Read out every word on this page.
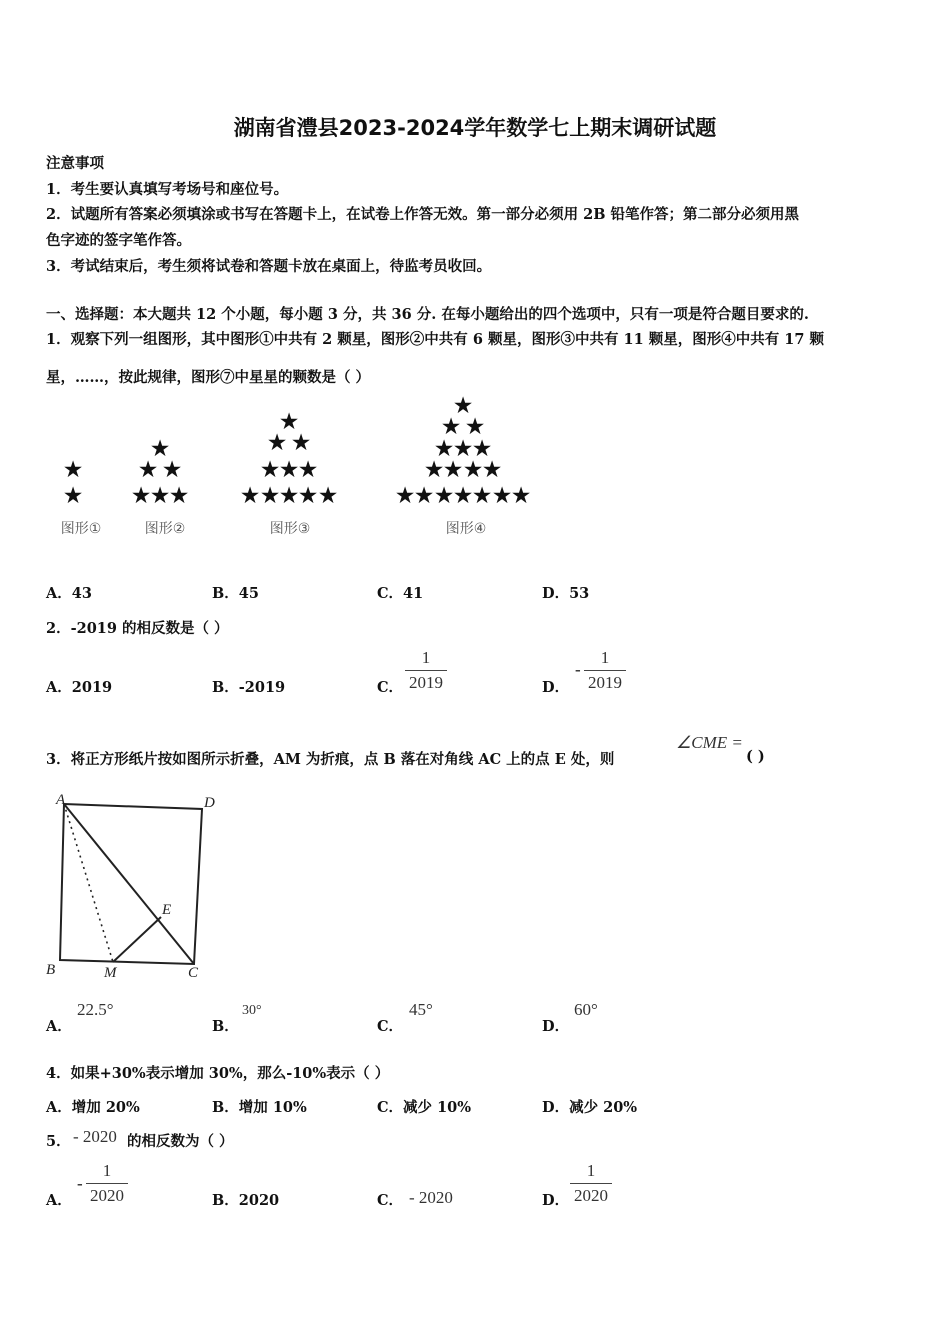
湖南省澧县2023-2024学年数学七上期末调研试题
注意事项
1．考生要认真填写考场号和座位号。
2．试题所有答案必须填涂或书写在答题卡上，在试卷上作答无效。第一部分必须用 2B 铅笔作答；第二部分必须用黑
色字迹的签字笔作答。
3．考试结束后，考生须将试卷和答题卡放在桌面上，待监考员收回。
一、选择题：本大题共 12 个小题，每小题 3 分，共 36 分. 在每小题给出的四个选项中，只有一项是符合题目要求的.
1．观察下列一组图形，其中图形①中共有 2 颗星，图形②中共有 6 颗星，图形③中共有 11 颗星，图形④中共有 17 颗
星，……，按此规律，图形⑦中星星的颗数是（ ）
★
★
★
★ ★
★
★
★
★
★ ★
★
★
★
★ ★
★
★ ★
★
★ ★
★
★
★
★
★ ★
★
★
★ ★
★
★ ★
★
图形①	图形②	图形③	图形④
A．43	B．45	C．41	D．53
2．-2019 的相反数是（ ）
A．2019	B．-2019	C． $\frac{1}{2019}$	D．
- $\frac{1}{2019}$
3．将正方形纸片按如图所示折叠，AM 为折痕，点 B 落在对角线 AC 上的点 E 处，则
∠CME =
( )
A	D
E
B	M	C
A．
22.5°
B．
30°
C．
45°
D．
60°
4．如果+30%表示增加 30%，那么-10%表示（ ）
A．增加 20%	B．增加 10%	C．减少 10%	D．减少 20%
5． - 2020 的相反数为（ ）
A．
- $\frac{1}{2020}$	B．2020	C． - 2020	D． $\frac{1}{2020}$
